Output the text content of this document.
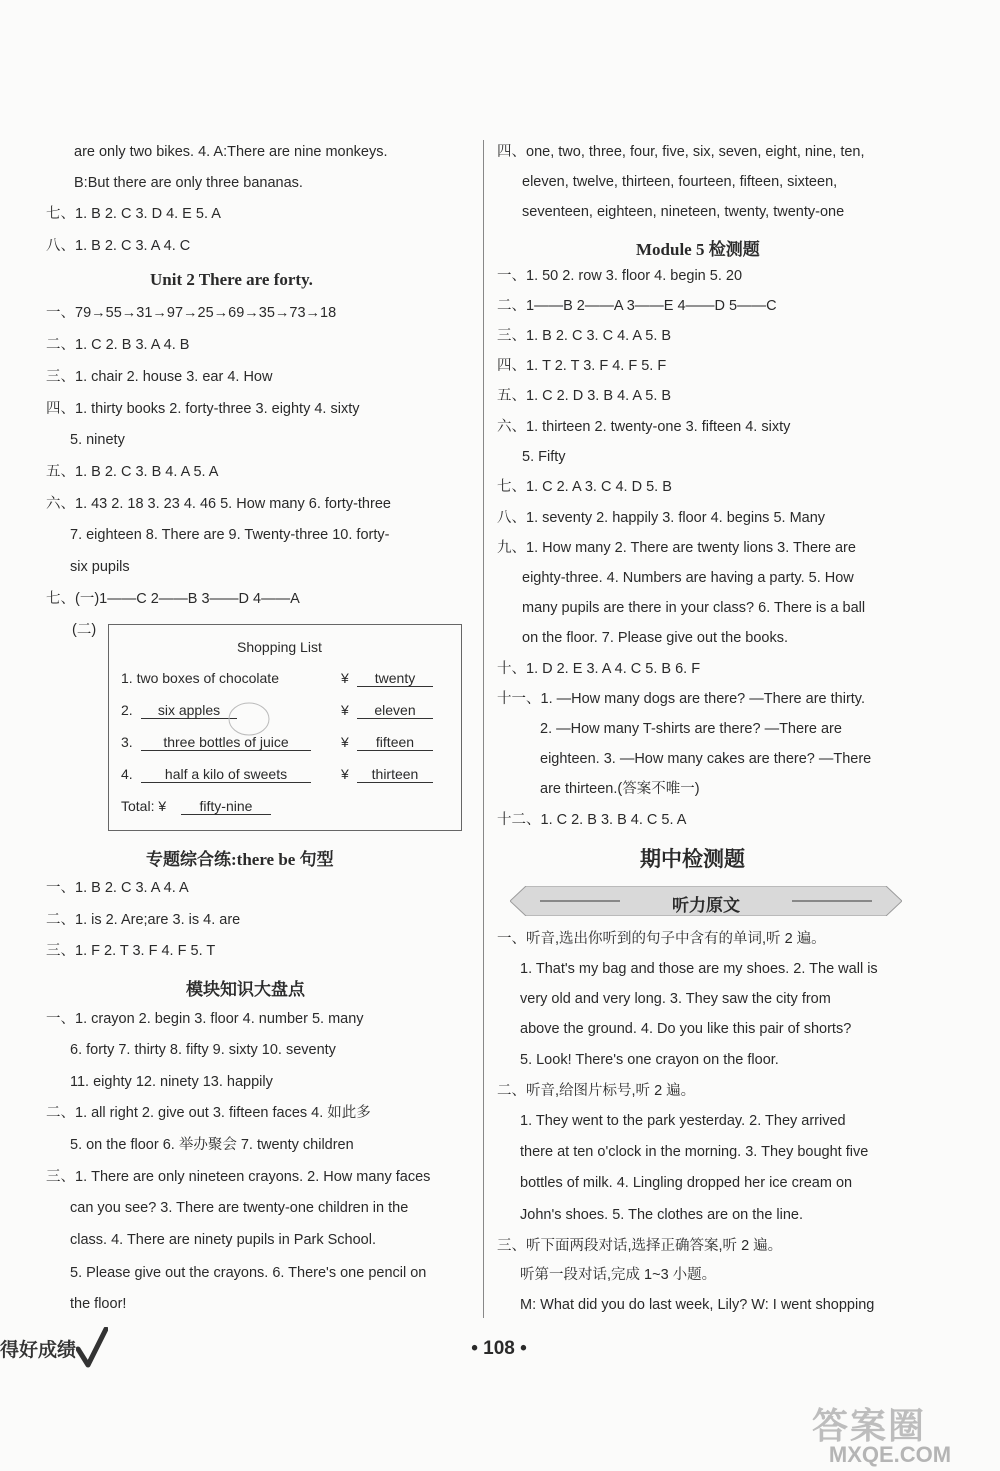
are only two bikes. 4. A:There are nine monkeys.
B:But there are only three bananas.
七、1. B 2. C 3. D 4. E 5. A
八、1. B 2. C 3. A 4. C
Unit 2 There are forty.
一、79→55→31→97→25→69→35→73→18
二、1. C 2. B 3. A 4. B
三、1. chair 2. house 3. ear 4. How
四、1. thirty books 2. forty-three 3. eighty 4. sixty
5. ninety
五、1. B 2. C 3. B 4. A 5. A
六、1. 43 2. 18 3. 23 4. 46 5. How many 6. forty-three
7. eighteen 8. There are 9. Twenty-three 10. forty-
six pupils
七、(一)1——C 2——B 3——D 4——A
(二)
Shopping List
1. two boxes of chocolate	¥	twenty
2.	six apples	¥	eleven
3.	three bottles of juice	¥	fifteen
4.	half a kilo of sweets	¥	thirteen
Total: ¥	fifty-nine
专题综合练:there be 句型
一、1. B 2. C 3. A 4. A
二、1. is 2. Are;are 3. is 4. are
三、1. F 2. T 3. F 4. F 5. T
模块知识大盘点
一、1. crayon 2. begin 3. floor 4. number 5. many
6. forty 7. thirty 8. fifty 9. sixty 10. seventy
11. eighty 12. ninety 13. happily
二、1. all right 2. give out 3. fifteen faces 4. 如此多
5. on the floor 6. 举办聚会 7. twenty children
三、1. There are only nineteen crayons. 2. How many faces
can you see? 3. There are twenty-one children in the
class. 4. There are ninety pupils in Park School.
5. Please give out the crayons. 6. There's one pencil on
the floor!
四、one, two, three, four, five, six, seven, eight, nine, ten,
eleven, twelve, thirteen, fourteen, fifteen, sixteen,
seventeen, eighteen, nineteen, twenty, twenty-one
Module 5 检测题
一、1. 50 2. row 3. floor 4. begin 5. 20
二、1——B 2——A 3——E 4——D 5——C
三、1. B 2. C 3. C 4. A 5. B
四、1. T 2. T 3. F 4. F 5. F
五、1. C 2. D 3. B 4. A 5. B
六、1. thirteen 2. twenty-one 3. fifteen 4. sixty
5. Fifty
七、1. C 2. A 3. C 4. D 5. B
八、1. seventy 2. happily 3. floor 4. begins 5. Many
九、1. How many 2. There are twenty lions 3. There are
eighty-three. 4. Numbers are having a party. 5. How
many pupils are there in your class? 6. There is a ball
on the floor. 7. Please give out the books.
十、1. D 2. E 3. A 4. C 5. B 6. F
十一、1. —How many dogs are there? —There are thirty.
2. —How many T-shirts are there? —There are
eighteen. 3. —How many cakes are there? —There
are thirteen.(答案不唯一)
十二、1. C 2. B 3. B 4. C 5. A
期中检测题
听力原文
一、听音,选出你听到的句子中含有的单词,听 2 遍。
1. That's my bag and those are my shoes. 2. The wall is
very old and very long. 3. They saw the city from
above the ground. 4. Do you like this pair of shorts?
5. Look! There's one crayon on the floor.
二、听音,给图片标号,听 2 遍。
1. They went to the park yesterday. 2. They arrived
there at ten o'clock in the morning. 3. They bought five
bottles of milk. 4. Lingling dropped her ice cream on
John's shoes. 5. The clothes are on the line.
三、听下面两段对话,选择正确答案,听 2 遍。
听第一段对话,完成 1~3 小题。
M: What did you do last week, Lily? W: I went shopping
得好成绩	• 108 •
答案圈
MXQE.COM
